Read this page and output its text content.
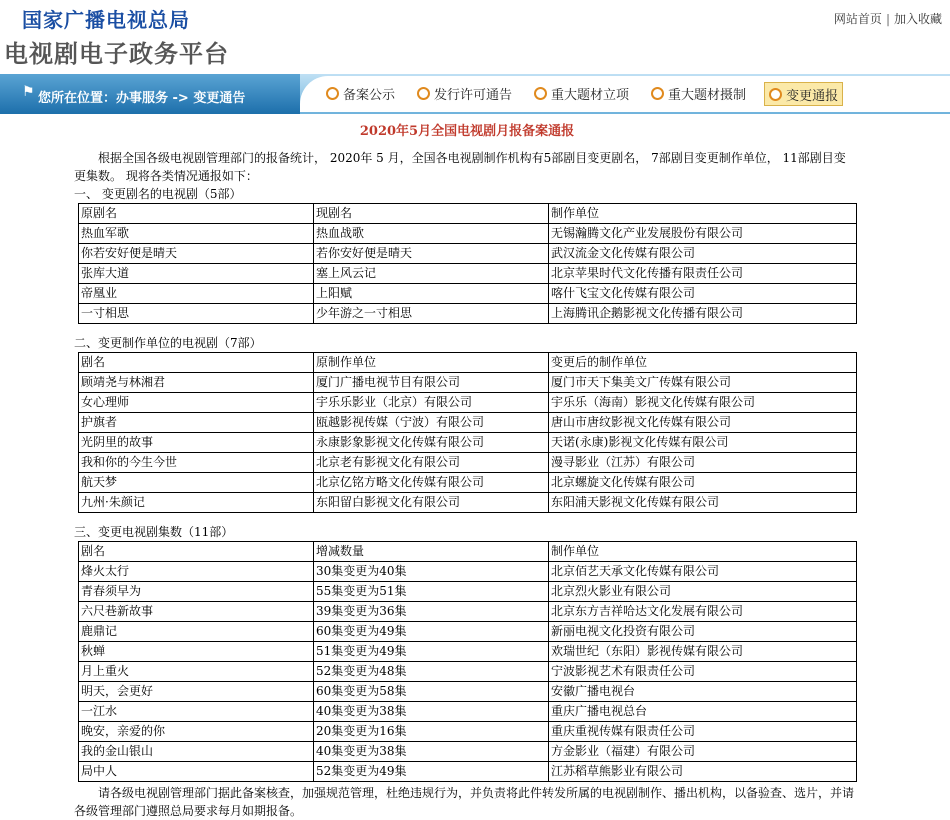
国家广播电视总局
电视剧电子政务平台
网站首页 | 加入收藏
⚑ 您所在位置：办事服务 -> 变更通告	备案公示	发行许可通告	重大题材立项	重大题材摄制	变更通报
2020年5月全国电视剧月报备案通报

根据全国各级电视剧管理部门的报备统计， 2020年 5 月，全国各电视剧制作机构有5部剧目变更剧名， 7部剧目变更制作单位， 11部剧目变更集数。 现将各类情况通报如下：

一、 变更剧名的电视剧（5部）

原剧名	现剧名	制作单位
热血军歌	热血战歌	无锡瀚腾文化产业发展股份有限公司
你若安好便是晴天	若你安好便是晴天	武汉流金文化传媒有限公司
张库大道	塞上风云记	北京苹果时代文化传播有限责任公司
帝凰业	上阳赋	喀什飞宝文化传媒有限公司
一寸相思	少年游之一寸相思	上海腾讯企鹅影视文化传播有限公司

二、变更制作单位的电视剧（7部）

剧名	原制作单位	变更后的制作单位
顾靖尧与林湘君	厦门广播电视节目有限公司	厦门市天下集美文广传媒有限公司
女心理师	宇乐乐影业（北京）有限公司	宇乐乐（海南）影视文化传媒有限公司
护旗者	瓯越影视传媒（宁波）有限公司	唐山市唐纹影视文化传媒有限公司
光阴里的故事	永康影象影视文化传媒有限公司	天诺(永康)影视文化传媒有限公司
我和你的今生今世	北京老有影视文化有限公司	漫寻影业（江苏）有限公司
航天梦	北京亿铭方略文化传媒有限公司	北京螺旋文化传媒有限公司
九州·朱颜记	东阳留白影视文化有限公司	东阳浦天影视文化传媒有限公司

三、变更电视剧集数（11部）

剧名	增减数量	制作单位
烽火太行	30集变更为40集	北京佰艺天承文化传媒有限公司
青春须早为	55集变更为51集	北京烈火影业有限公司
六尺巷新故事	39集变更为36集	北京东方吉祥哈达文化发展有限公司
鹿鼎记	60集变更为49集	新丽电视文化投资有限公司
秋蝉	51集变更为49集	欢瑞世纪（东阳）影视传媒有限公司
月上重火	52集变更为48集	宁波影视艺术有限责任公司
明天，会更好	60集变更为58集	安徽广播电视台
一江水	40集变更为38集	重庆广播电视总台
晚安，亲爱的你	20集变更为16集	重庆重视传媒有限责任公司
我的金山银山	40集变更为38集	方金影业（福建）有限公司
局中人	52集变更为49集	江苏稻草熊影业有限公司

请各级电视剧管理部门据此备案核查，加强规范管理，杜绝违规行为，并负责将此件转发所属的电视剧制作、播出机构，以备验查、选片，并请各级管理部门遵照总局要求每月如期报备。
